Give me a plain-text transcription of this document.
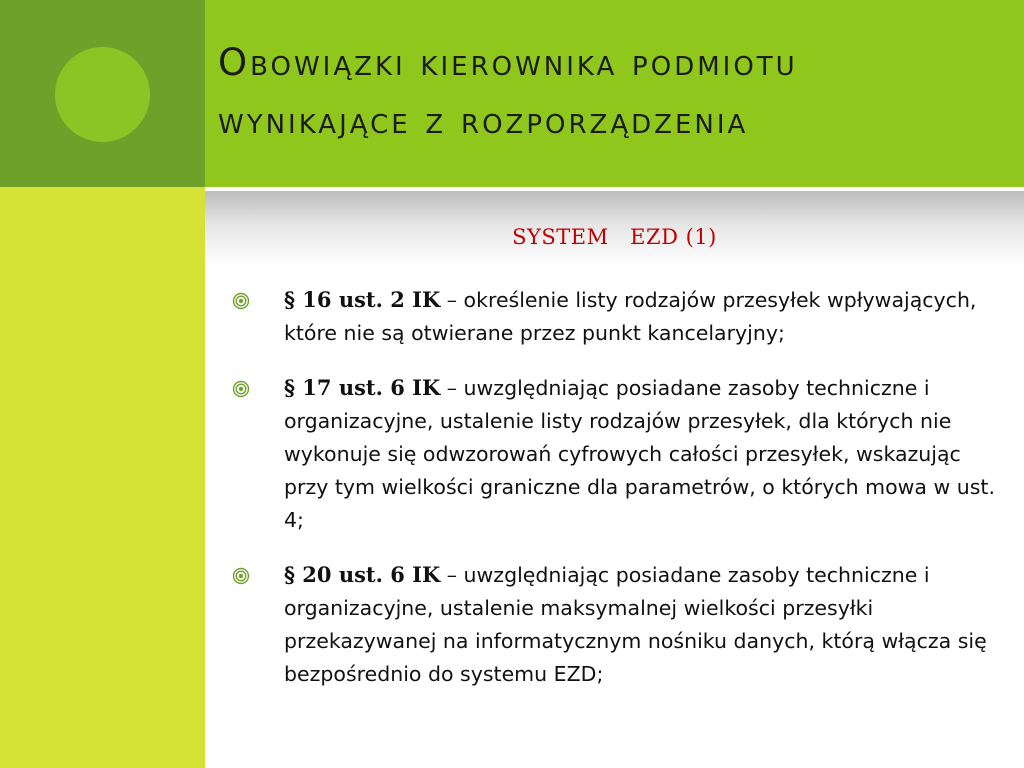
Obowiązki kierownika podmiotu
wynikające z rozporządzenia
SYSTEM   EZD (1)
§ 16 ust. 2 IK – określenie listy rodzajów przesyłek wpływających, które nie są otwierane przez punkt kancelaryjny;
§ 17 ust. 6 IK – uwzględniając posiadane zasoby techniczne i organizacyjne, ustalenie listy rodzajów przesyłek, dla których nie wykonuje się odwzorowań cyfrowych całości przesyłek, wskazując przy tym wielkości graniczne dla parametrów, o których mowa w ust. 4;
§ 20 ust. 6 IK – uwzględniając posiadane zasoby techniczne i organizacyjne, ustalenie maksymalnej wielkości przesyłki przekazywanej na informatycznym nośniku danych, którą włącza się bezpośrednio do systemu EZD;
